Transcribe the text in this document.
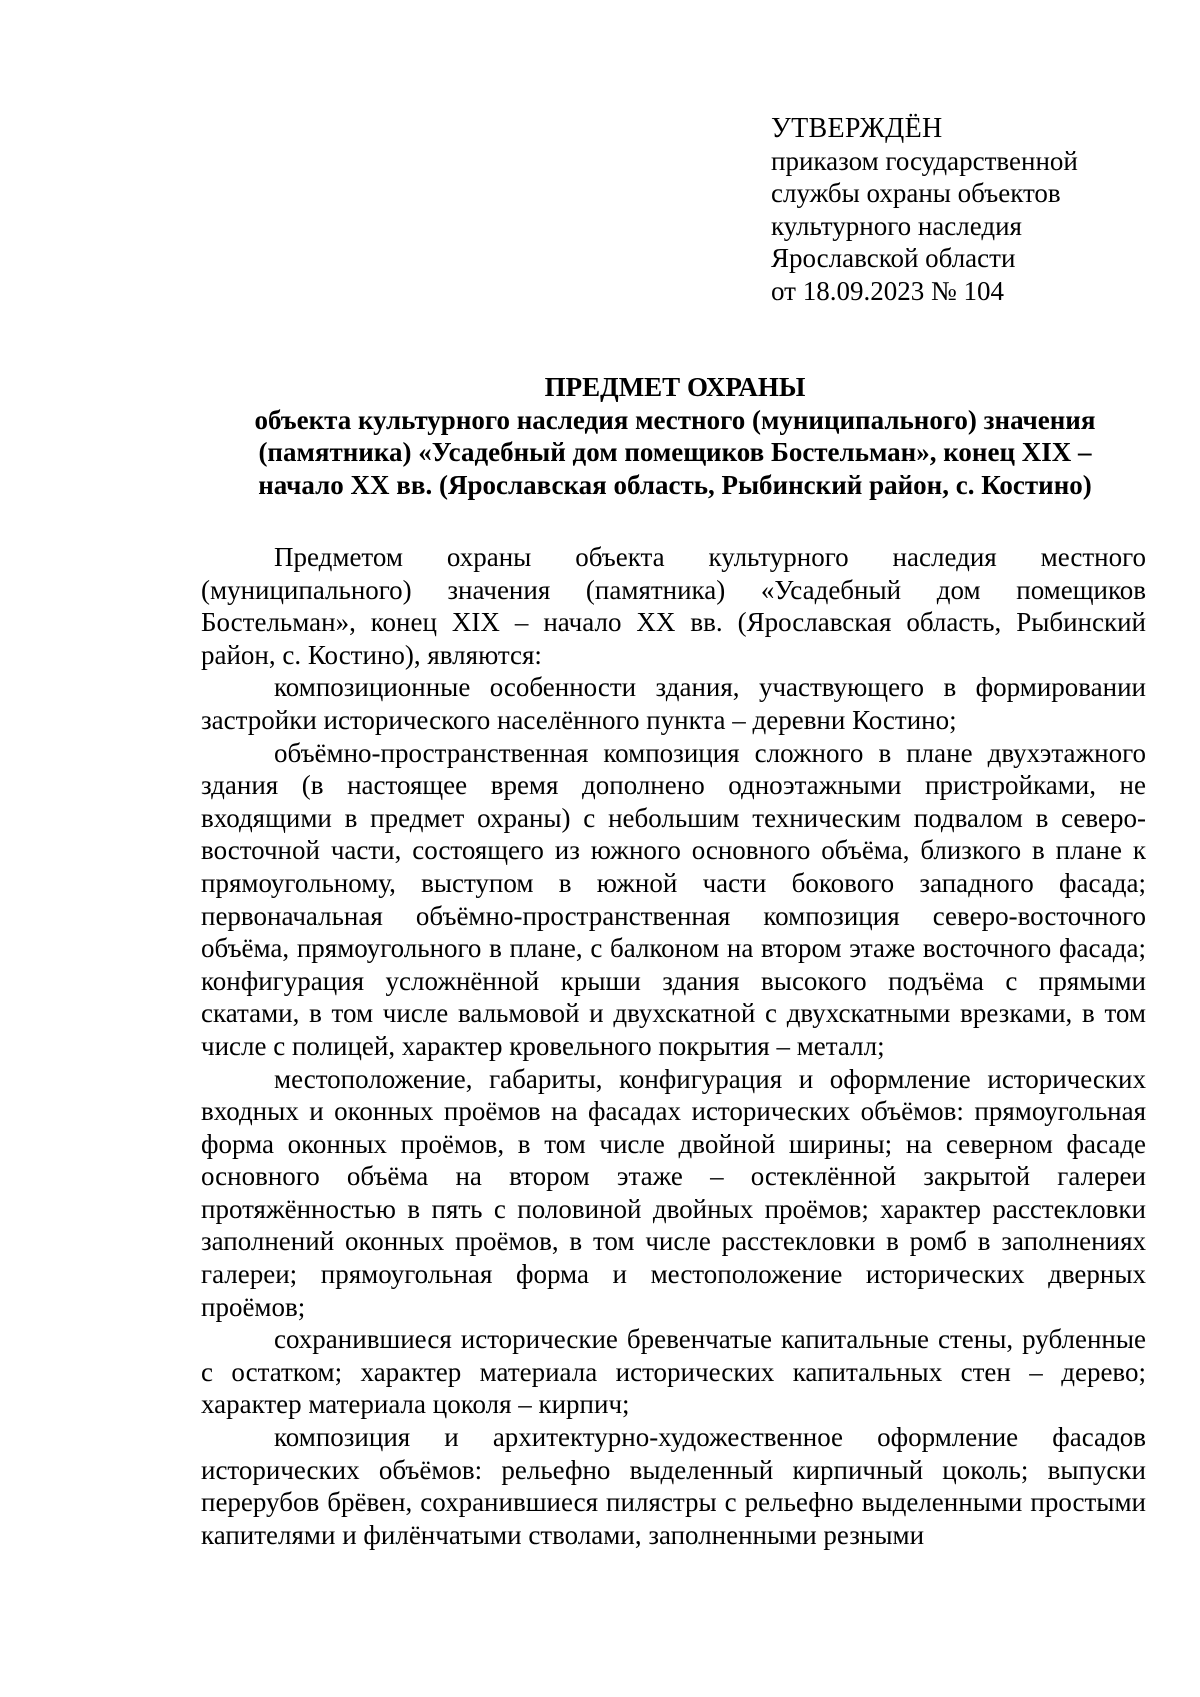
УТВЕРЖДЁН
приказом государственной
службы охраны объектов
культурного наследия
Ярославской области
от 18.09.2023 № 104
ПРЕДМЕТ ОХРАНЫ
объекта культурного наследия местного (муниципального) значения
(памятника) «Усадебный дом помещиков Бостельман», конец XIX –
начало XX вв. (Ярославская область, Рыбинский район, с. Костино)

Предметом охраны объекта культурного наследия местного (муниципального) значения (памятника) «Усадебный дом помещиков Бостельман», конец XIX – начало XX вв. (Ярославская область, Рыбинский район, с. Костино), являются:

композиционные особенности здания, участвующего в формировании застройки исторического населённого пункта – деревни Костино;

объёмно-пространственная композиция сложного в плане двухэтажного здания (в настоящее время дополнено одноэтажными пристройками, не входящими в предмет охраны) с небольшим техническим подвалом в северо-восточной части, состоящего из южного основного объёма, близкого в плане к прямоугольному, выступом в южной части бокового западного фасада; первоначальная объёмно-пространственная композиция северо-восточного объёма, прямоугольного в плане, с балконом на втором этаже восточного фасада; конфигурация усложнённой крыши здания высокого подъёма с прямыми скатами, в том числе вальмовой и двухскатной с двухскатными врезками, в том числе с полицей, характер кровельного покрытия – металл;

местоположение, габариты, конфигурация и оформление исторических входных и оконных проёмов на фасадах исторических объёмов: прямоугольная форма оконных проёмов, в том числе двойной ширины; на северном фасаде основного объёма на втором этаже – остеклённой закрытой галереи протяжённостью в пять с половиной двойных проёмов; характер расстекловки заполнений оконных проёмов, в том числе расстекловки в ромб в заполнениях галереи; прямоугольная форма и местоположение исторических дверных проёмов;

сохранившиеся исторические бревенчатые капитальные стены, рубленные с остатком; характер материала исторических капитальных стен – дерево; характер материала цоколя – кирпич;

композиция и архитектурно-художественное оформление фасадов исторических объёмов: рельефно выделенный кирпичный цоколь; выпуски перерубов брёвен, сохранившиеся пилястры с рельефно выделенными простыми капителями и филёнчатыми стволами, заполненными резными
